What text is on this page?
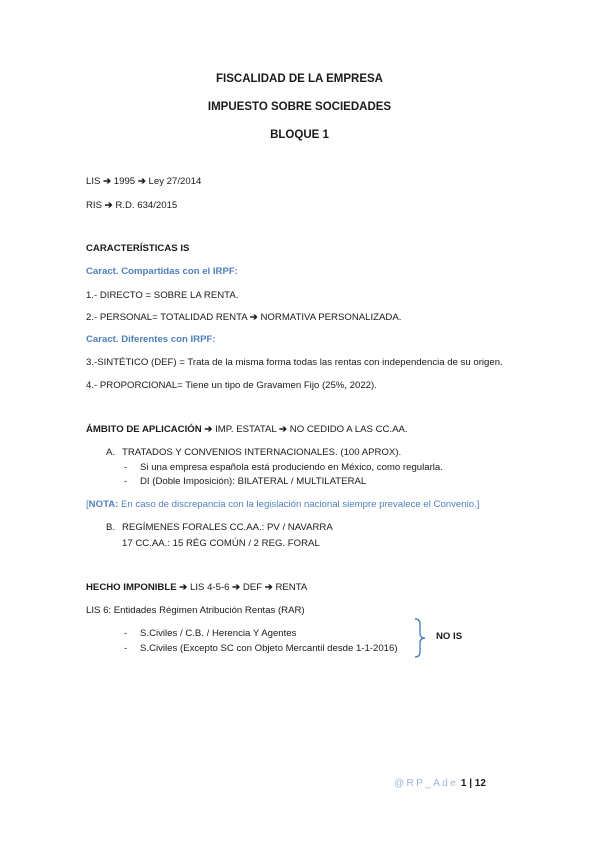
FISCALIDAD DE LA EMPRESA
IMPUESTO SOBRE SOCIEDADES
BLOQUE 1
LIS ➔ 1995 ➔ Ley 27/2014
RIS ➔ R.D. 634/2015
CARACTERÍSTICAS IS
Caract. Compartidas con el IRPF:
1.- DIRECTO = SOBRE LA RENTA.
2.- PERSONAL= TOTALIDAD RENTA ➔ NORMATIVA PERSONALIZADA.
Caract. Diferentes con IRPF:
3.-SINTÉTICO (DEF) = Trata de la misma forma todas las rentas con independencia de su origen.
4.- PROPORCIONAL= Tiene un tipo de Gravamen Fijo (25%, 2022).
ÁMBITO DE APLICACIÓN ➔ IMP. ESTATAL ➔ NO CEDIDO A LAS CC.AA.
A. TRATADOS Y CONVENIOS INTERNACIONALES. (100 APROX).
- Si una empresa española está produciendo en México, como regularla.
- DI (Doble Imposición): BILATERAL / MULTILATERAL
[NOTA: En caso de discrepancia con la legislación nacional siempre prevalece el Convenio.]
B. REGÍMENES FORALES CC.AA.: PV / NAVARRA
17 CC.AA.: 15 RÉG COMÚN / 2 REG. FORAL
HECHO IMPONIBLE ➔ LIS 4-5-6 ➔ DEF ➔ RENTA
LIS 6: Entidades Régimen Atribución Rentas (RAR)
- S.Civiles / C.B. / Herencia Y Agentes
- S.Civiles (Excepto SC con Objeto Mercantil desde 1-1-2016)
NO IS
@RP_Ade 1 | 12
